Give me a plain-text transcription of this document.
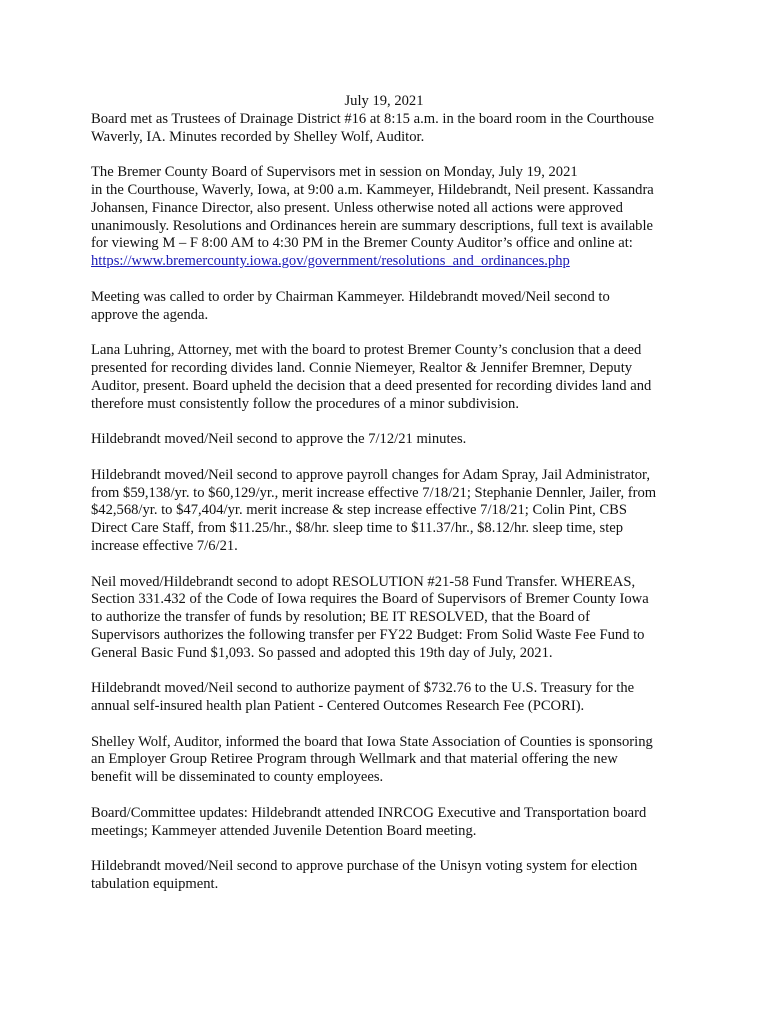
July 19, 2021

Board met as Trustees of Drainage District #16 at 8:15 a.m. in the board room in the Courthouse
Waverly, IA. Minutes recorded by Shelley Wolf, Auditor.

The Bremer County Board of Supervisors met in session on Monday, July 19, 2021
in the Courthouse, Waverly, Iowa, at 9:00 a.m. Kammeyer, Hildebrandt, Neil present. Kassandra
Johansen, Finance Director, also present. Unless otherwise noted all actions were approved
unanimously. Resolutions and Ordinances herein are summary descriptions, full text is available
for viewing M – F 8:00 AM to 4:30 PM in the Bremer County Auditor’s office and online at:
https://www.bremercounty.iowa.gov/government/resolutions_and_ordinances.php

Meeting was called to order by Chairman Kammeyer. Hildebrandt moved/Neil second to
approve the agenda.

Lana Luhring, Attorney, met with the board to protest Bremer County’s conclusion that a deed
presented for recording divides land. Connie Niemeyer, Realtor & Jennifer Bremner, Deputy
Auditor, present. Board upheld the decision that a deed presented for recording divides land and
therefore must consistently follow the procedures of a minor subdivision.

Hildebrandt moved/Neil second to approve the 7/12/21 minutes.

Hildebrandt moved/Neil second to approve payroll changes for Adam Spray, Jail Administrator,
from $59,138/yr. to $60,129/yr., merit increase effective 7/18/21; Stephanie Dennler, Jailer, from
$42,568/yr. to $47,404/yr. merit increase & step increase effective 7/18/21; Colin Pint, CBS
Direct Care Staff, from $11.25/hr., $8/hr. sleep time to $11.37/hr., $8.12/hr. sleep time, step
increase effective 7/6/21.

Neil moved/Hildebrandt second to adopt RESOLUTION #21-58 Fund Transfer. WHEREAS,
Section 331.432 of the Code of Iowa requires the Board of Supervisors of Bremer County Iowa
to authorize the transfer of funds by resolution; BE IT RESOLVED, that the Board of
Supervisors authorizes the following transfer per FY22 Budget: From Solid Waste Fee Fund to
General Basic Fund $1,093. So passed and adopted this 19th day of July, 2021.

Hildebrandt moved/Neil second to authorize payment of $732.76 to the U.S. Treasury for the
annual self-insured health plan Patient - Centered Outcomes Research Fee (PCORI).

Shelley Wolf, Auditor, informed the board that Iowa State Association of Counties is sponsoring
an Employer Group Retiree Program through Wellmark and that material offering the new
benefit will be disseminated to county employees.

Board/Committee updates: Hildebrandt attended INRCOG Executive and Transportation board
meetings; Kammeyer attended Juvenile Detention Board meeting.

Hildebrandt moved/Neil second to approve purchase of the Unisyn voting system for election
tabulation equipment.
